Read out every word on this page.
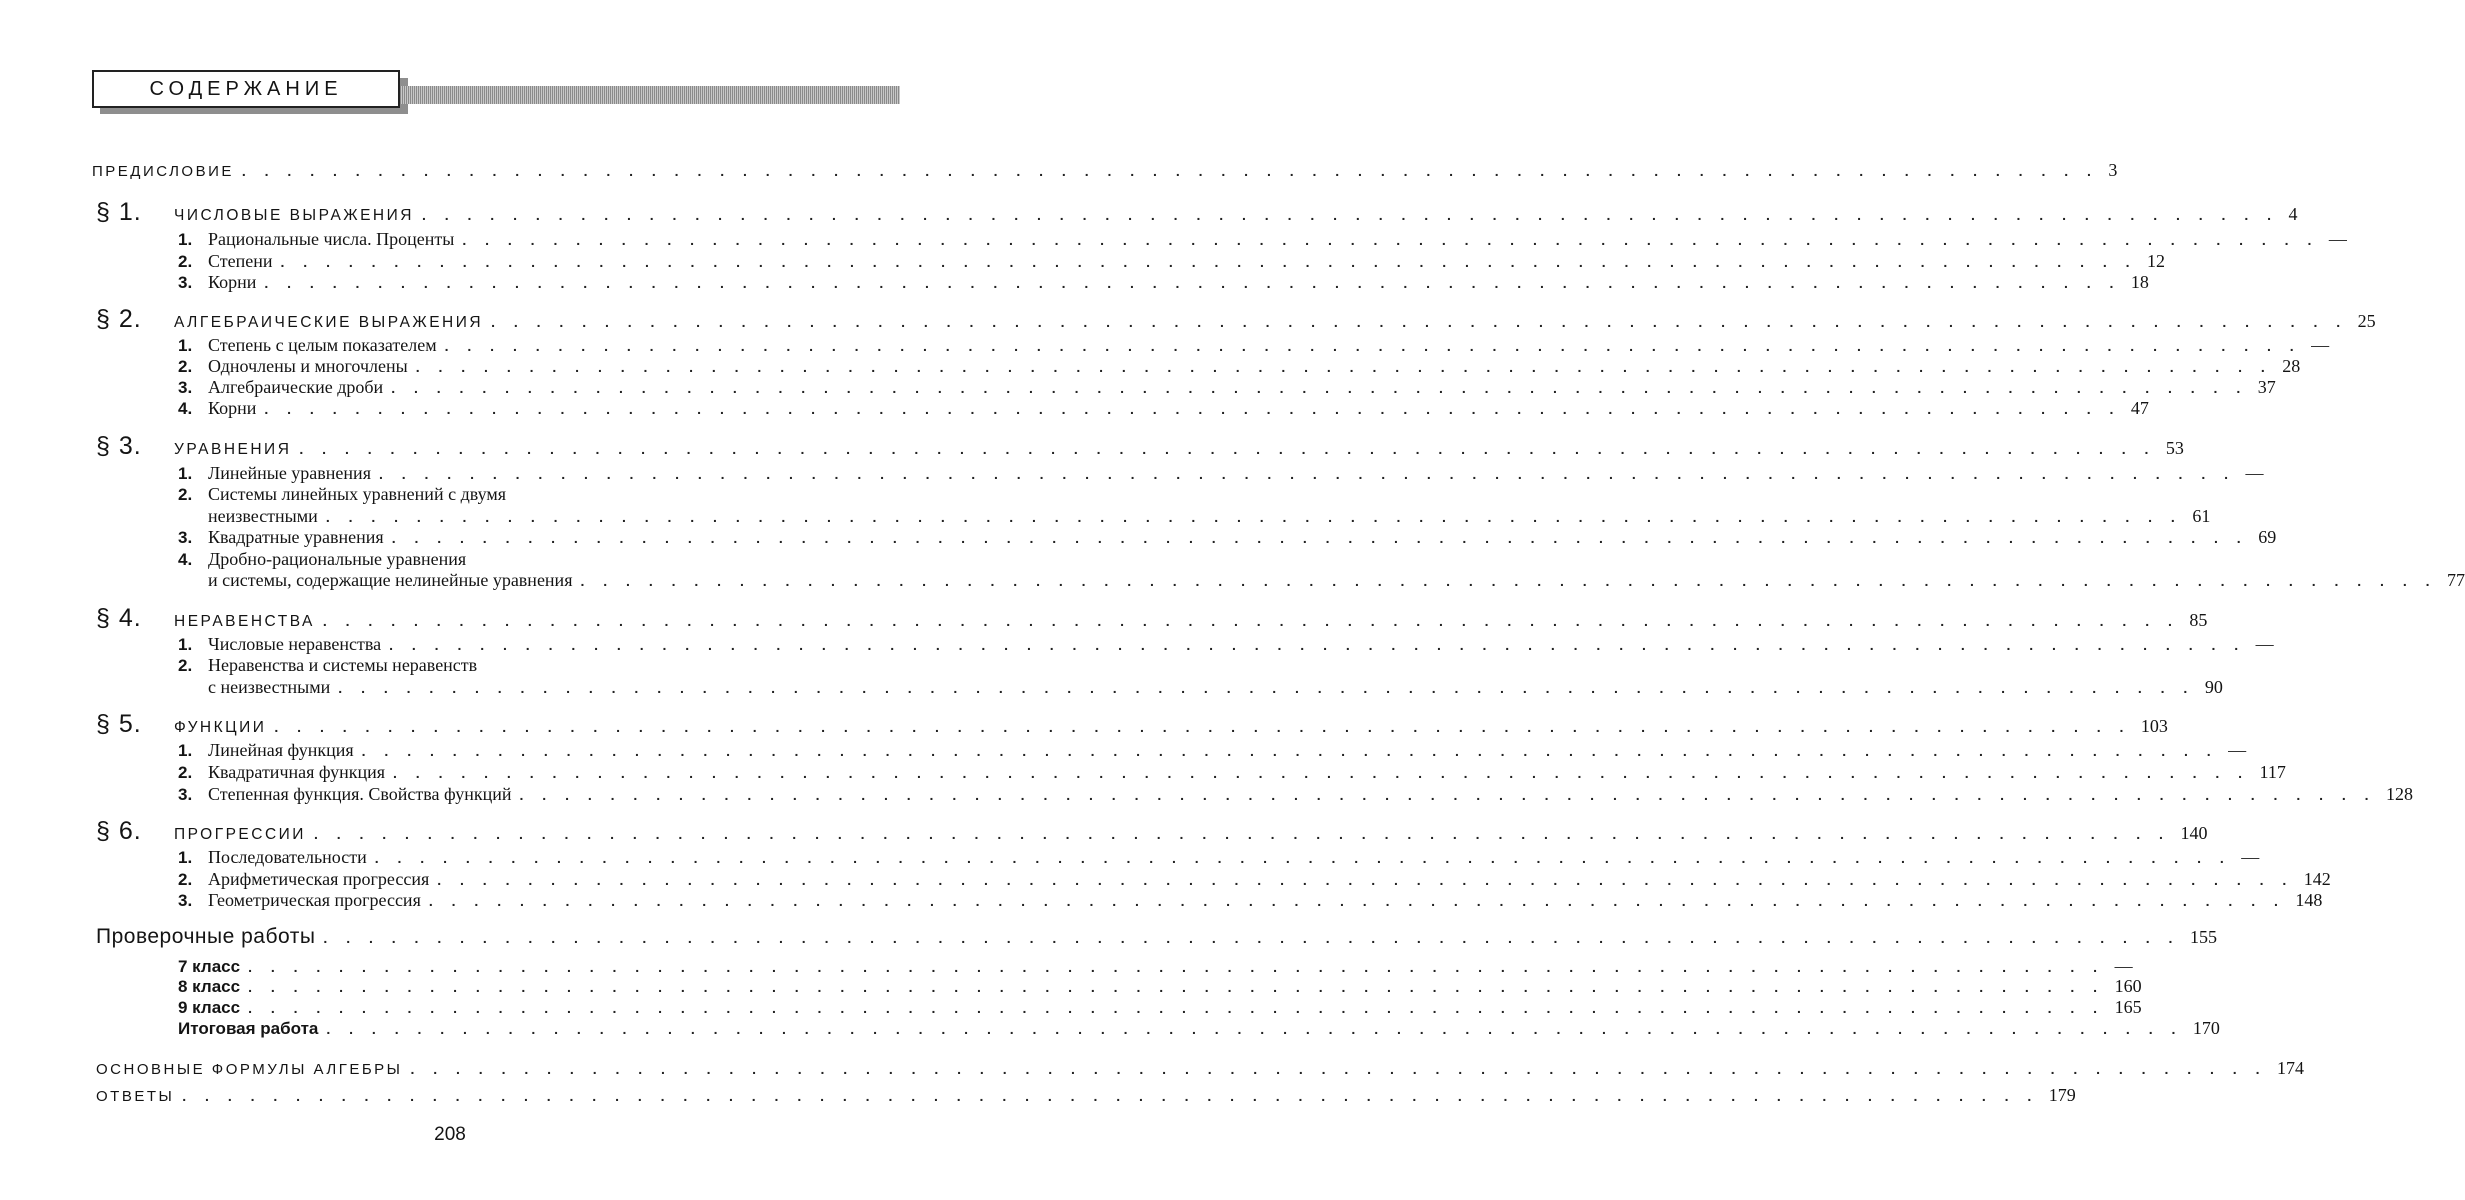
СОДЕРЖАНИЕ
ПРЕДИСЛОВИЕ . . . . . . . . . . . . . . . . . . . . . . . . . . . . . . . . . . . . . . . . . . . . . . . . . . . . . . . . . . . . . . . . . . . . . . . . . . . . . . . . . . 3
§ 1. ЧИСЛОВЫЕ ВЫРАЖЕНИЯ . . . . . . . . . . . . . . . . . . . . . . . . . . . . . . . . . . . . . . . . . . . . . . . . . . . . . . . . . . . . . . . . . . . . . . . . . . . . . . . . . . 4
1. Рациональные числа. Проценты . . . . . . . . . . . . . . . . . . . . . . . . . . . . . . . . . . . . . . . . . . . . . . . . . . . . . . . . . . . . . . . . . . . . . . . . . . . . . . . . . . —
2. Степени . . . . . . . . . . . . . . . . . . . . . . . . . . . . . . . . . . . . . . . . . . . . . . . . . . . . . . . . . . . . . . . . . . . . . . . . . . . . . . . . . . 12
3. Корни . . . . . . . . . . . . . . . . . . . . . . . . . . . . . . . . . . . . . . . . . . . . . . . . . . . . . . . . . . . . . . . . . . . . . . . . . . . . . . . . . . 18
§ 2. АЛГЕБРАИЧЕСКИЕ ВЫРАЖЕНИЯ . . . . . . . . . . . . . . . . . . . . . . . . . . . . . . . . . . . . . . . . . . . . . . . . . . . . . . . . . . . . . . . . . . . . . . . . . . . . . . . . . . 25
1. Степень с целым показателем . . . . . . . . . . . . . . . . . . . . . . . . . . . . . . . . . . . . . . . . . . . . . . . . . . . . . . . . . . . . . . . . . . . . . . . . . . . . . . . . . . —
2. Одночлены и многочлены . . . . . . . . . . . . . . . . . . . . . . . . . . . . . . . . . . . . . . . . . . . . . . . . . . . . . . . . . . . . . . . . . . . . . . . . . . . . . . . . . . 28
3. Алгебраические дроби . . . . . . . . . . . . . . . . . . . . . . . . . . . . . . . . . . . . . . . . . . . . . . . . . . . . . . . . . . . . . . . . . . . . . . . . . . . . . . . . . . 37
4. Корни . . . . . . . . . . . . . . . . . . . . . . . . . . . . . . . . . . . . . . . . . . . . . . . . . . . . . . . . . . . . . . . . . . . . . . . . . . . . . . . . . . 47
§ 3. УРАВНЕНИЯ . . . . . . . . . . . . . . . . . . . . . . . . . . . . . . . . . . . . . . . . . . . . . . . . . . . . . . . . . . . . . . . . . . . . . . . . . . . . . . . . . . 53
1. Линейные уравнения . . . . . . . . . . . . . . . . . . . . . . . . . . . . . . . . . . . . . . . . . . . . . . . . . . . . . . . . . . . . . . . . . . . . . . . . . . . . . . . . . . —
2. Системы линейных уравнений с двумя
неизвестными . . . . . . . . . . . . . . . . . . . . . . . . . . . . . . . . . . . . . . . . . . . . . . . . . . . . . . . . . . . . . . . . . . . . . . . . . . . . . . . . . . 61
3. Квадратные уравнения . . . . . . . . . . . . . . . . . . . . . . . . . . . . . . . . . . . . . . . . . . . . . . . . . . . . . . . . . . . . . . . . . . . . . . . . . . . . . . . . . . 69
4. Дробно-рациональные уравнения
и системы, содержащие нелинейные уравнения . . . . . . . . . . . . . . . . . . . . . . . . . . . . . . . . . . . . . . . . . . . . . . . . . . . . . . . . . . . . . . . . . . . . . . . . . . . . . . . . . . 77
§ 4. НЕРАВЕНСТВА . . . . . . . . . . . . . . . . . . . . . . . . . . . . . . . . . . . . . . . . . . . . . . . . . . . . . . . . . . . . . . . . . . . . . . . . . . . . . . . . . . 85
1. Числовые неравенства . . . . . . . . . . . . . . . . . . . . . . . . . . . . . . . . . . . . . . . . . . . . . . . . . . . . . . . . . . . . . . . . . . . . . . . . . . . . . . . . . . —
2. Неравенства и системы неравенств
с неизвестными . . . . . . . . . . . . . . . . . . . . . . . . . . . . . . . . . . . . . . . . . . . . . . . . . . . . . . . . . . . . . . . . . . . . . . . . . . . . . . . . . . 90
§ 5. ФУНКЦИИ . . . . . . . . . . . . . . . . . . . . . . . . . . . . . . . . . . . . . . . . . . . . . . . . . . . . . . . . . . . . . . . . . . . . . . . . . . . . . . . . . . 103
1. Линейная функция . . . . . . . . . . . . . . . . . . . . . . . . . . . . . . . . . . . . . . . . . . . . . . . . . . . . . . . . . . . . . . . . . . . . . . . . . . . . . . . . . . —
2. Квадратичная функция . . . . . . . . . . . . . . . . . . . . . . . . . . . . . . . . . . . . . . . . . . . . . . . . . . . . . . . . . . . . . . . . . . . . . . . . . . . . . . . . . . 117
3. Степенная функция. Свойства функций . . . . . . . . . . . . . . . . . . . . . . . . . . . . . . . . . . . . . . . . . . . . . . . . . . . . . . . . . . . . . . . . . . . . . . . . . . . . . . . . . . 128
§ 6. ПРОГРЕССИИ . . . . . . . . . . . . . . . . . . . . . . . . . . . . . . . . . . . . . . . . . . . . . . . . . . . . . . . . . . . . . . . . . . . . . . . . . . . . . . . . . . 140
1. Последовательности . . . . . . . . . . . . . . . . . . . . . . . . . . . . . . . . . . . . . . . . . . . . . . . . . . . . . . . . . . . . . . . . . . . . . . . . . . . . . . . . . . —
2. Арифметическая прогрессия . . . . . . . . . . . . . . . . . . . . . . . . . . . . . . . . . . . . . . . . . . . . . . . . . . . . . . . . . . . . . . . . . . . . . . . . . . . . . . . . . . 142
3. Геометрическая прогрессия . . . . . . . . . . . . . . . . . . . . . . . . . . . . . . . . . . . . . . . . . . . . . . . . . . . . . . . . . . . . . . . . . . . . . . . . . . . . . . . . . . 148
Проверочные работы . . . . . . . . . . . . . . . . . . . . . . . . . . . . . . . . . . . . . . . . . . . . . . . . . . . . . . . . . . . . . . . . . . . . . . . . . . . . . . . . . . 155
7 класс . . . . . . . . . . . . . . . . . . . . . . . . . . . . . . . . . . . . . . . . . . . . . . . . . . . . . . . . . . . . . . . . . . . . . . . . . . . . . . . . . . —
8 класс . . . . . . . . . . . . . . . . . . . . . . . . . . . . . . . . . . . . . . . . . . . . . . . . . . . . . . . . . . . . . . . . . . . . . . . . . . . . . . . . . . 160
9 класс . . . . . . . . . . . . . . . . . . . . . . . . . . . . . . . . . . . . . . . . . . . . . . . . . . . . . . . . . . . . . . . . . . . . . . . . . . . . . . . . . . 165
Итоговая работа . . . . . . . . . . . . . . . . . . . . . . . . . . . . . . . . . . . . . . . . . . . . . . . . . . . . . . . . . . . . . . . . . . . . . . . . . . . . . . . . . . 170
ОСНОВНЫЕ ФОРМУЛЫ АЛГЕБРЫ . . . . . . . . . . . . . . . . . . . . . . . . . . . . . . . . . . . . . . . . . . . . . . . . . . . . . . . . . . . . . . . . . . . . . . . . . . . . . . . . . . 174
ОТВЕТЫ . . . . . . . . . . . . . . . . . . . . . . . . . . . . . . . . . . . . . . . . . . . . . . . . . . . . . . . . . . . . . . . . . . . . . . . . . . . . . . . . . . 179
208
